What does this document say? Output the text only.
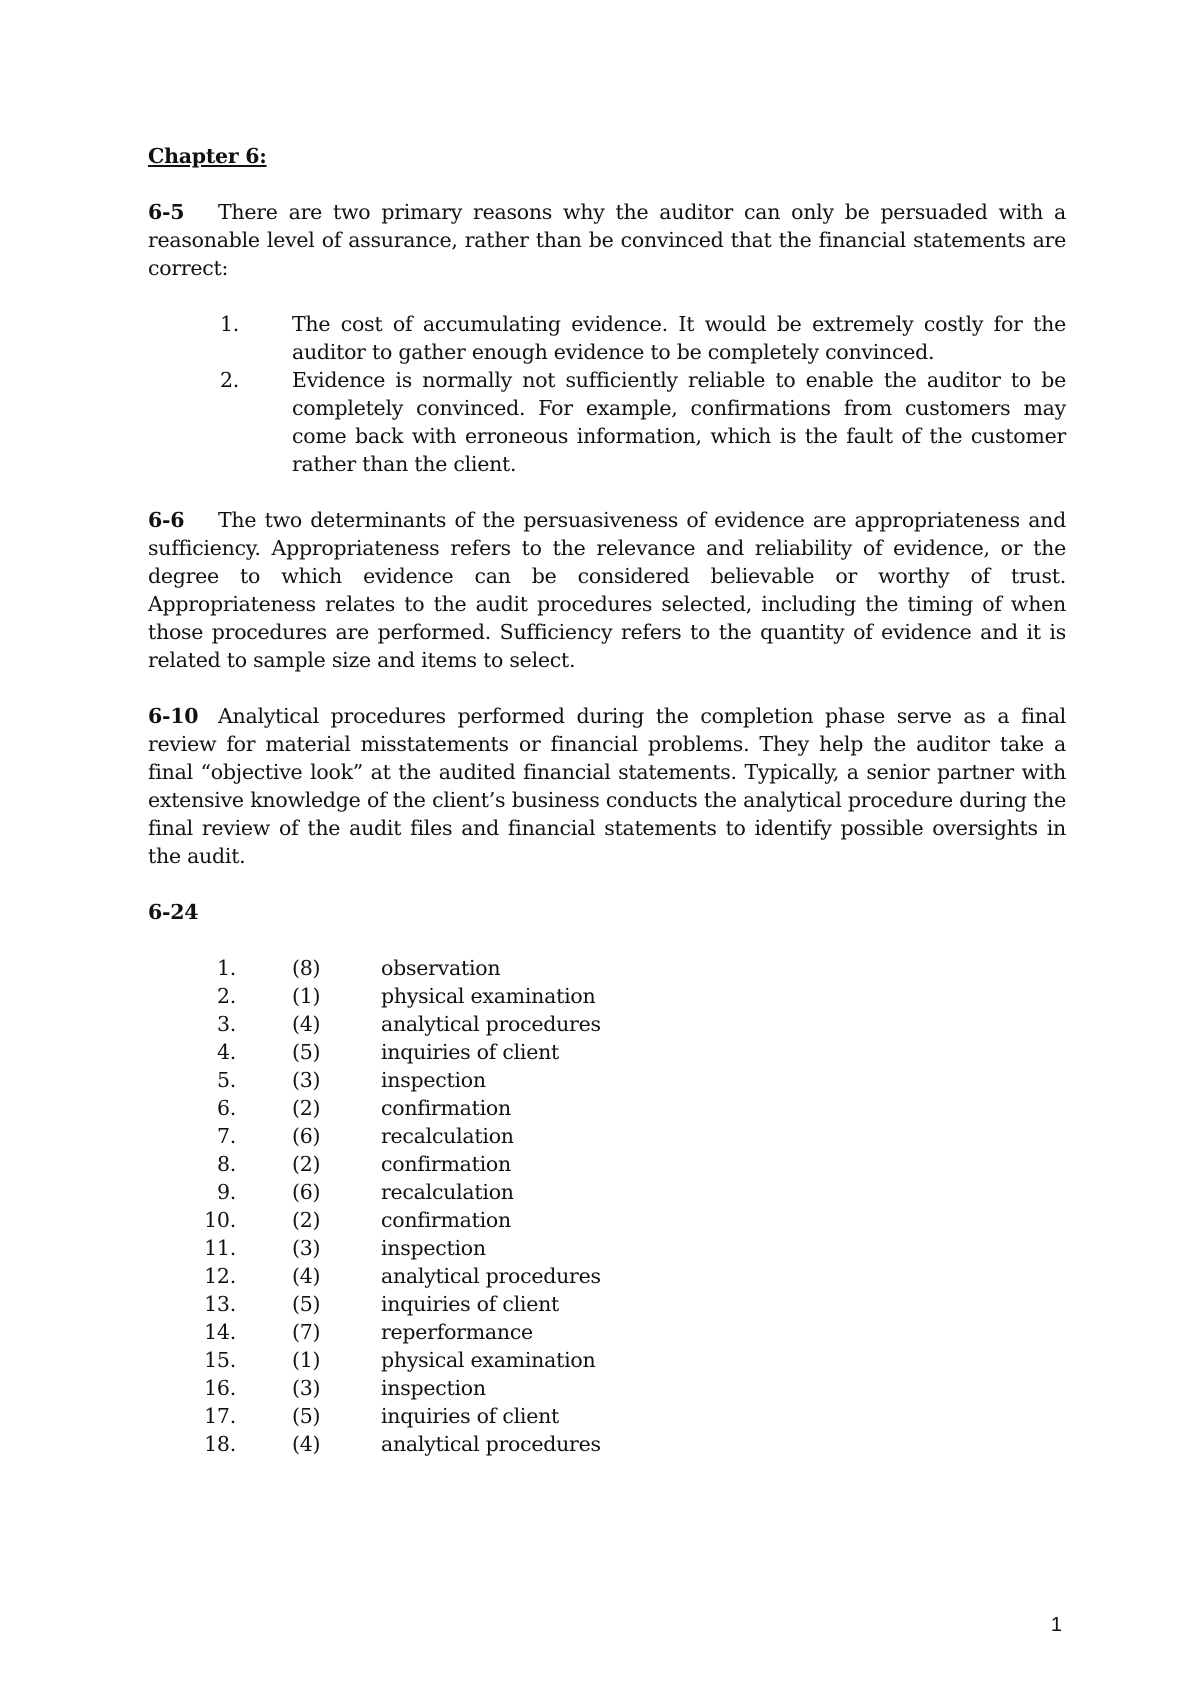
Chapter 6:

6-5 There are two primary reasons why the auditor can only be persuaded with a reasonable level of assurance, rather than be convinced that the financial statements are correct:

1.	The cost of accumulating evidence. It would be extremely costly for the auditor to gather enough evidence to be completely convinced.
2.	Evidence is normally not sufficiently reliable to enable the auditor to be completely convinced. For example, confirmations from customers may come back with erroneous information, which is the fault of the customer rather than the client.

6-6 The two determinants of the persuasiveness of evidence are appropriateness and sufficiency. Appropriateness refers to the relevance and reliability of evidence, or the degree to which evidence can be considered believable or worthy of trust. Appropriateness relates to the audit procedures selected, including the timing of when those procedures are performed. Sufficiency refers to the quantity of evidence and it is related to sample size and items to select.

6-10 Analytical procedures performed during the completion phase serve as a final review for material misstatements or financial problems. They help the auditor take a final “objective look” at the audited financial statements. Typically, a senior partner with extensive knowledge of the client’s business conducts the analytical procedure during the final review of the audit files and financial statements to identify possible oversights in the audit.

6-24
1.	(8)	observation
2.	(1)	physical examination
3.	(4)	analytical procedures
4.	(5)	inquiries of client
5.	(3)	inspection
6.	(2)	confirmation
7.	(6)	recalculation
8.	(2)	confirmation
9.	(6)	recalculation
10.	(2)	confirmation
11.	(3)	inspection
12.	(4)	analytical procedures
13.	(5)	inquiries of client
14.	(7)	reperformance
15.	(1)	physical examination
16.	(3)	inspection
17.	(5)	inquiries of client
18.	(4)	analytical procedures
1
